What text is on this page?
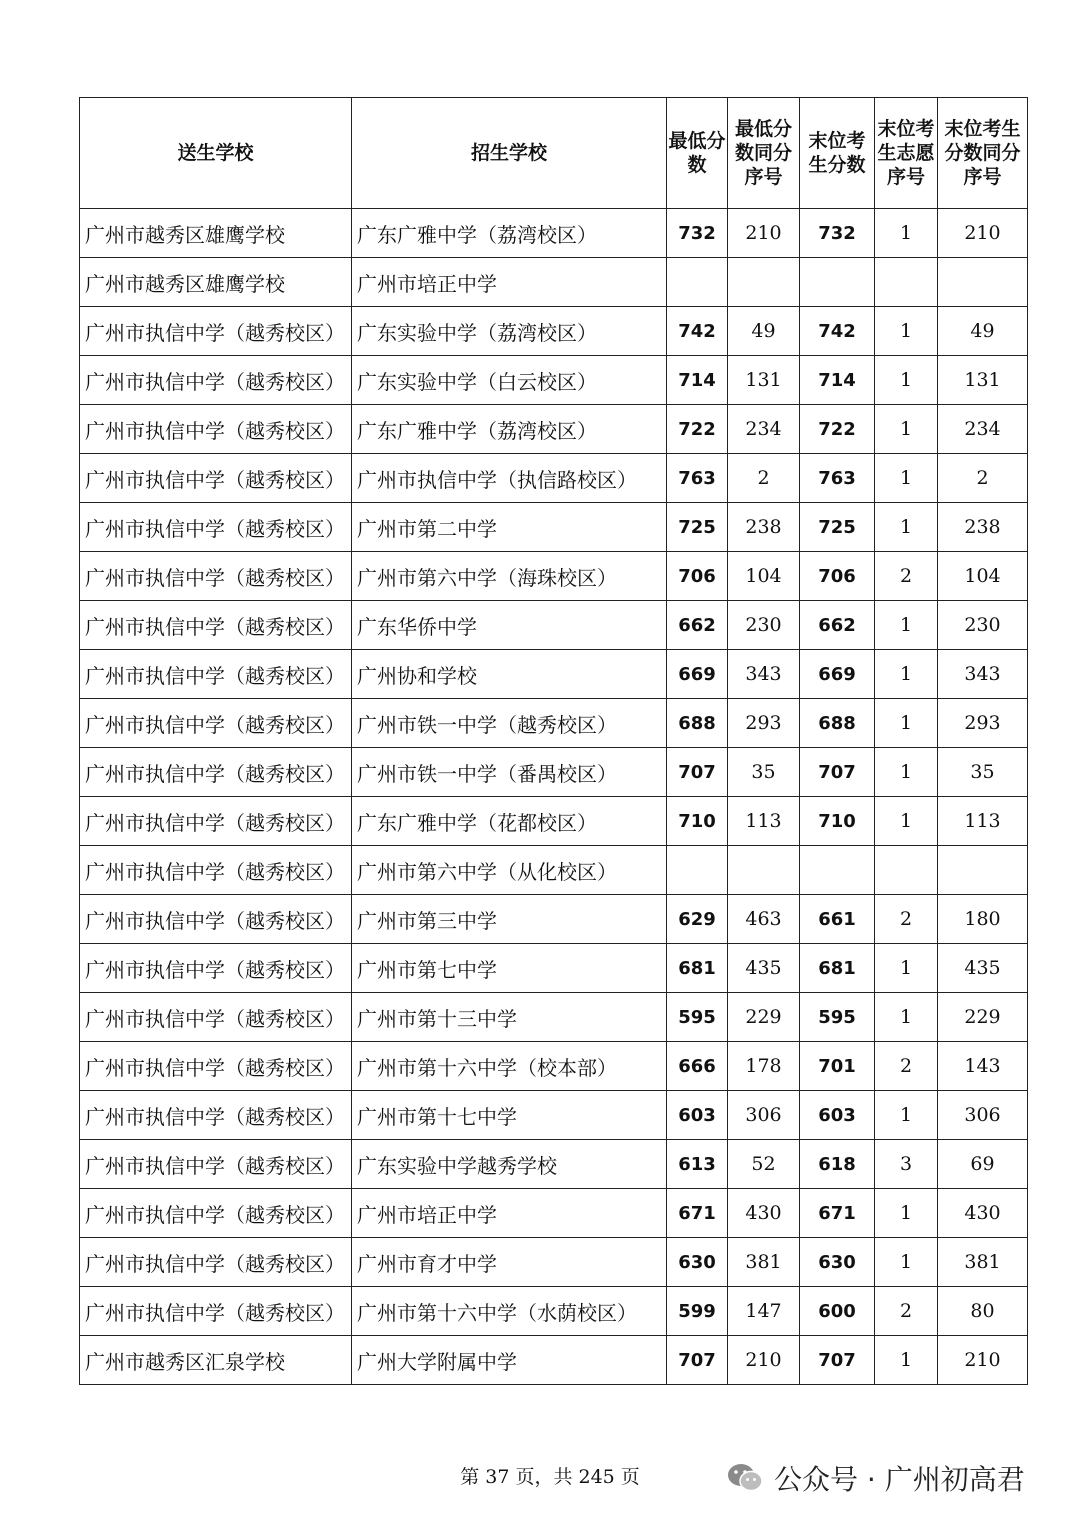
送生学校	招生学校	最低分数	最低分数同分序号	末位考生分数	末位考生志愿序号	末位考生分数同分序号
广州市越秀区雄鹰学校	广东广雅中学（荔湾校区）	732	210	732	1	210
广州市越秀区雄鹰学校	广州市培正中学					
广州市执信中学（越秀校区）	广东实验中学（荔湾校区）	742	49	742	1	49
广州市执信中学（越秀校区）	广东实验中学（白云校区）	714	131	714	1	131
广州市执信中学（越秀校区）	广东广雅中学（荔湾校区）	722	234	722	1	234
广州市执信中学（越秀校区）	广州市执信中学（执信路校区）	763	2	763	1	2
广州市执信中学（越秀校区）	广州市第二中学	725	238	725	1	238
广州市执信中学（越秀校区）	广州市第六中学（海珠校区）	706	104	706	2	104
广州市执信中学（越秀校区）	广东华侨中学	662	230	662	1	230
广州市执信中学（越秀校区）	广州协和学校	669	343	669	1	343
广州市执信中学（越秀校区）	广州市铁一中学（越秀校区）	688	293	688	1	293
广州市执信中学（越秀校区）	广州市铁一中学（番禺校区）	707	35	707	1	35
广州市执信中学（越秀校区）	广东广雅中学（花都校区）	710	113	710	1	113
广州市执信中学（越秀校区）	广州市第六中学（从化校区）					
广州市执信中学（越秀校区）	广州市第三中学	629	463	661	2	180
广州市执信中学（越秀校区）	广州市第七中学	681	435	681	1	435
广州市执信中学（越秀校区）	广州市第十三中学	595	229	595	1	229
广州市执信中学（越秀校区）	广州市第十六中学（校本部）	666	178	701	2	143
广州市执信中学（越秀校区）	广州市第十七中学	603	306	603	1	306
广州市执信中学（越秀校区）	广东实验中学越秀学校	613	52	618	3	69
广州市执信中学（越秀校区）	广州市培正中学	671	430	671	1	430
广州市执信中学（越秀校区）	广州市育才中学	630	381	630	1	381
广州市执信中学（越秀校区）	广州市第十六中学（水荫校区）	599	147	600	2	80
广州市越秀区汇泉学校	广州大学附属中学	707	210	707	1	210
第 37 页，共 245 页	公众号 · 广州初高君
